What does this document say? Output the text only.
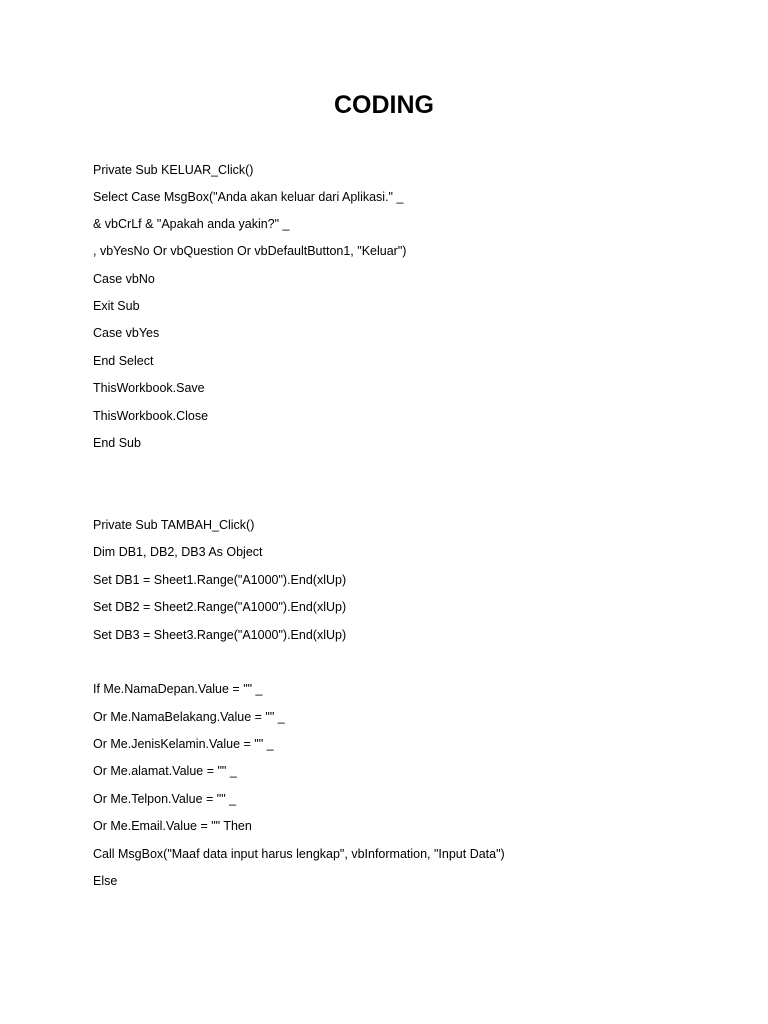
CODING

Private Sub KELUAR_Click()

Select Case MsgBox("Anda akan keluar dari Aplikasi." _

& vbCrLf & "Apakah anda yakin?" _

, vbYesNo Or vbQuestion Or vbDefaultButton1, "Keluar")

Case vbNo

Exit Sub

Case vbYes

End Select

ThisWorkbook.Save

ThisWorkbook.Close

End Sub

Private Sub TAMBAH_Click()

Dim DB1, DB2, DB3 As Object

Set DB1 = Sheet1.Range("A1000").End(xlUp)

Set DB2 = Sheet2.Range("A1000").End(xlUp)

Set DB3 = Sheet3.Range("A1000").End(xlUp)

If Me.NamaDepan.Value = "" _

Or Me.NamaBelakang.Value = "" _

Or Me.JenisKelamin.Value = "" _

Or Me.alamat.Value = "" _

Or Me.Telpon.Value = "" _

Or Me.Email.Value = "" Then

Call MsgBox("Maaf data input harus lengkap", vbInformation, "Input Data")

Else
